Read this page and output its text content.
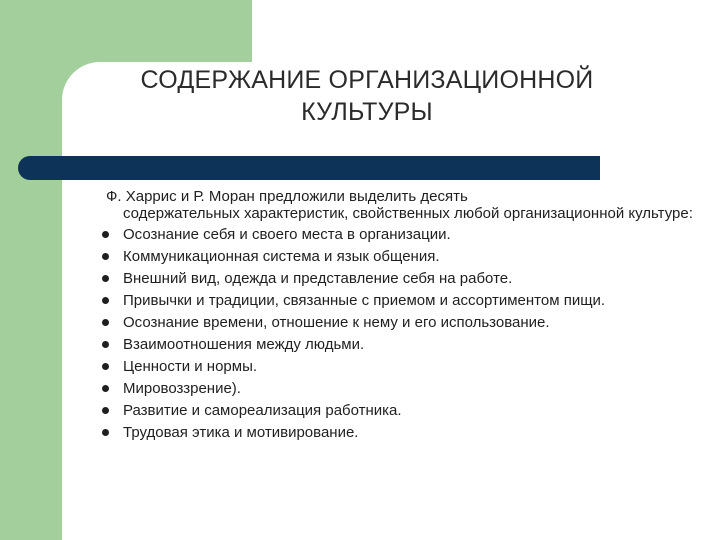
СОДЕРЖАНИЕ ОРГАНИЗАЦИОННОЙ
КУЛЬТУРЫ

Ф. Харрис и Р. Моран предложили выделить десять
содержательных характеристик, свойственных любой организационной культуре:

Осознание себя и своего места в организации.
Коммуникационная система и язык общения.
Внешний вид, одежда и представление себя на работе.
Привычки и традиции, связанные с приемом и ассортиментом пищи.
Осознание времени, отношение к нему и его использование.
Взаимоотношения между людьми.
Ценности и нормы.
Мировоззрение).
Развитие и самореализация работника.
Трудовая этика и мотивирование.
